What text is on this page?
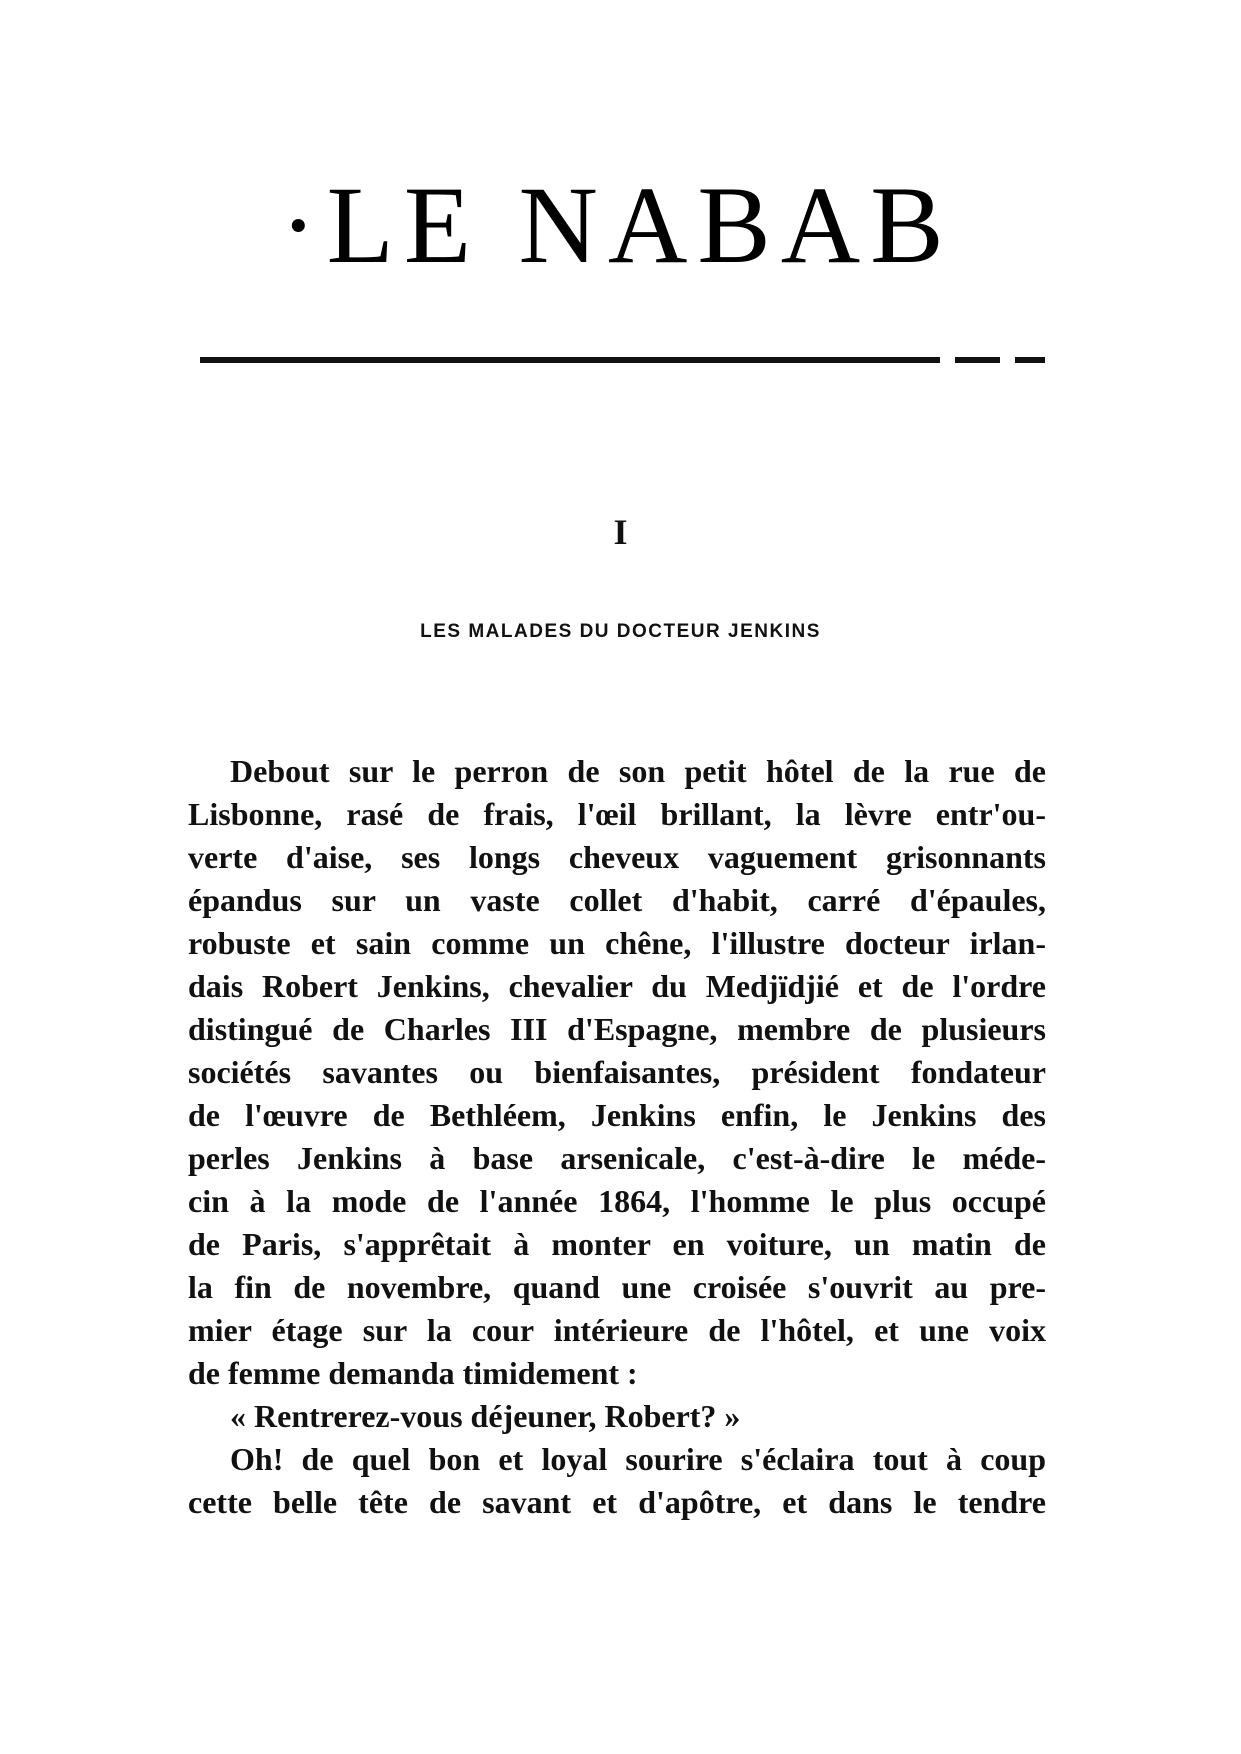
·LE NABAB
I
LES MALADES DU DOCTEUR JENKINS

Debout sur le perron de son petit hôtel de la rue de

Lisbonne, rasé de frais, l'œil brillant, la lèvre entr'ou-

verte d'aise, ses longs cheveux vaguement grisonnants

épandus sur un vaste collet d'habit, carré d'épaules,

robuste et sain comme un chêne, l'illustre docteur irlan-

dais Robert Jenkins, chevalier du Medjïdjié et de l'ordre

distingué de Charles III d'Espagne, membre de plusieurs

sociétés savantes ou bienfaisantes, président fondateur

de l'œuvre de Bethléem, Jenkins enfin, le Jenkins des

perles Jenkins à base arsenicale, c'est-à-dire le méde-

cin à la mode de l'année 1864, l'homme le plus occupé

de Paris, s'apprêtait à monter en voiture, un matin de

la fin de novembre, quand une croisée s'ouvrit au pre-

mier étage sur la cour intérieure de l'hôtel, et une voix

de femme demanda timidement :

« Rentrerez-vous déjeuner, Robert? »

Oh! de quel bon et loyal sourire s'éclaira tout à coup

cette belle tête de savant et d'apôtre, et dans le tendre
